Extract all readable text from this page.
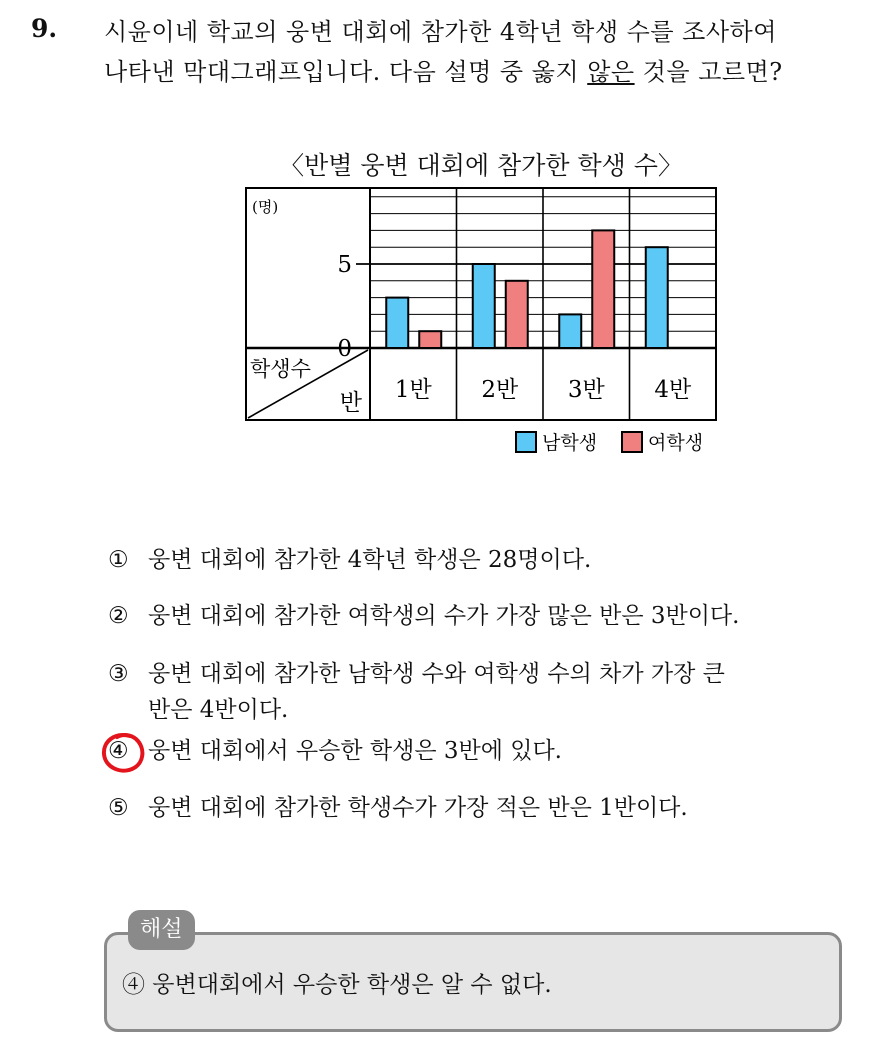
9. 시윤이네 학교의 웅변 대회에 참가한 4학년 학생 수를 조사하여
나타낸 막대그래프입니다. 다음 설명 중 옳지 않은 것을 고르면?
〈반별 웅변 대회에 참가한 학생 수〉
(명)
0
5
학생수
반 1반 2반 3반 4반
남학생	여학생
① 웅변 대회에 참가한 4학년 학생은 28명이다.
② 웅변 대회에 참가한 여학생의 수가 가장 많은 반은 3반이다.
③ 웅변 대회에 참가한 남학생 수와 여학생 수의 차가 가장 큰
반은 4반이다.
④ 웅변 대회에서 우승한 학생은 3반에 있다.
⑤ 웅변 대회에 참가한 학생수가 가장 적은 반은 1반이다.
해설
④ 웅변대회에서 우승한 학생은 알 수 없다.
